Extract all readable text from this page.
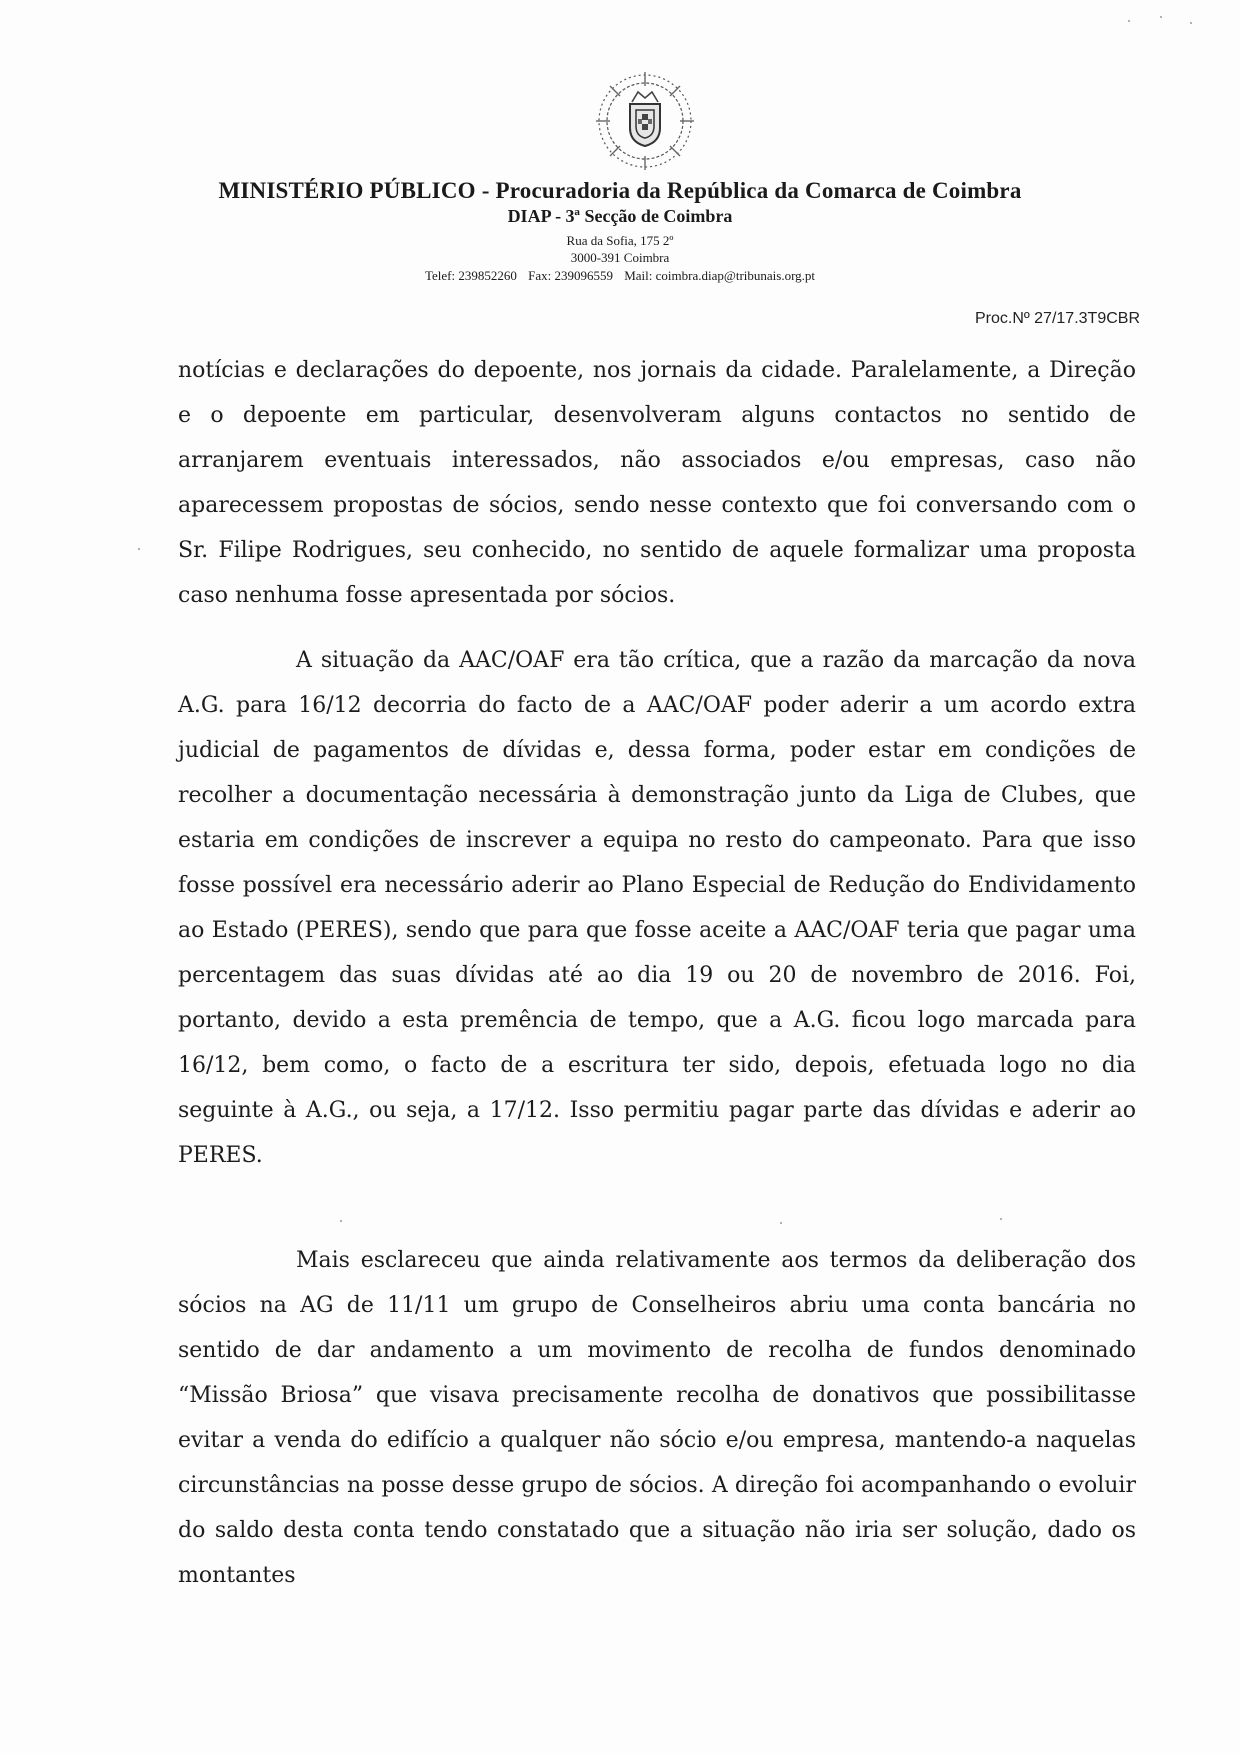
MINISTÉRIO PÚBLICO - Procuradoria da República da Comarca de Coimbra
DIAP - 3ª Secção de Coimbra
Rua da Sofia, 175 2º
3000-391 Coimbra
Telef: 239852260 Fax: 239096559 Mail: coimbra.diap@tribunais.org.pt
Proc.Nº 27/17.3T9CBR

notícias e declarações do depoente, nos jornais da cidade. Paralelamente, a Direção e o depoente em particular, desenvolveram alguns contactos no sentido de arranjarem eventuais interessados, não associados e/ou empresas, caso não aparecessem propostas de sócios, sendo nesse contexto que foi conversando com o Sr. Filipe Rodrigues, seu conhecido, no sentido de aquele formalizar uma proposta caso nenhuma fosse apresentada por sócios.

A situação da AAC/OAF era tão crítica, que a razão da marcação da nova A.G. para 16/12 decorria do facto de a AAC/OAF poder aderir a um acordo extra judicial de pagamentos de dívidas e, dessa forma, poder estar em condições de recolher a documentação necessária à demonstração junto da Liga de Clubes, que estaria em condições de inscrever a equipa no resto do campeonato. Para que isso fosse possível era necessário aderir ao Plano Especial de Redução do Endividamento ao Estado (PERES), sendo que para que fosse aceite a AAC/OAF teria que pagar uma percentagem das suas dívidas até ao dia 19 ou 20 de novembro de 2016. Foi, portanto, devido a esta premência de tempo, que a A.G. ficou logo marcada para 16/12, bem como, o facto de a escritura ter sido, depois, efetuada logo no dia seguinte à A.G., ou seja, a 17/12. Isso permitiu pagar parte das dívidas e aderir ao PERES.

Mais esclareceu que ainda relativamente aos termos da deliberação dos sócios na AG de 11/11 um grupo de Conselheiros abriu uma conta bancária no sentido de dar andamento a um movimento de recolha de fundos denominado “Missão Briosa” que visava precisamente recolha de donativos que possibilitasse evitar a venda do edifício a qualquer não sócio e/ou empresa, mantendo-a naquelas circunstâncias na posse desse grupo de sócios. A direção foi acompanhando o evoluir do saldo desta conta tendo constatado que a situação não iria ser solução, dado os montantes
